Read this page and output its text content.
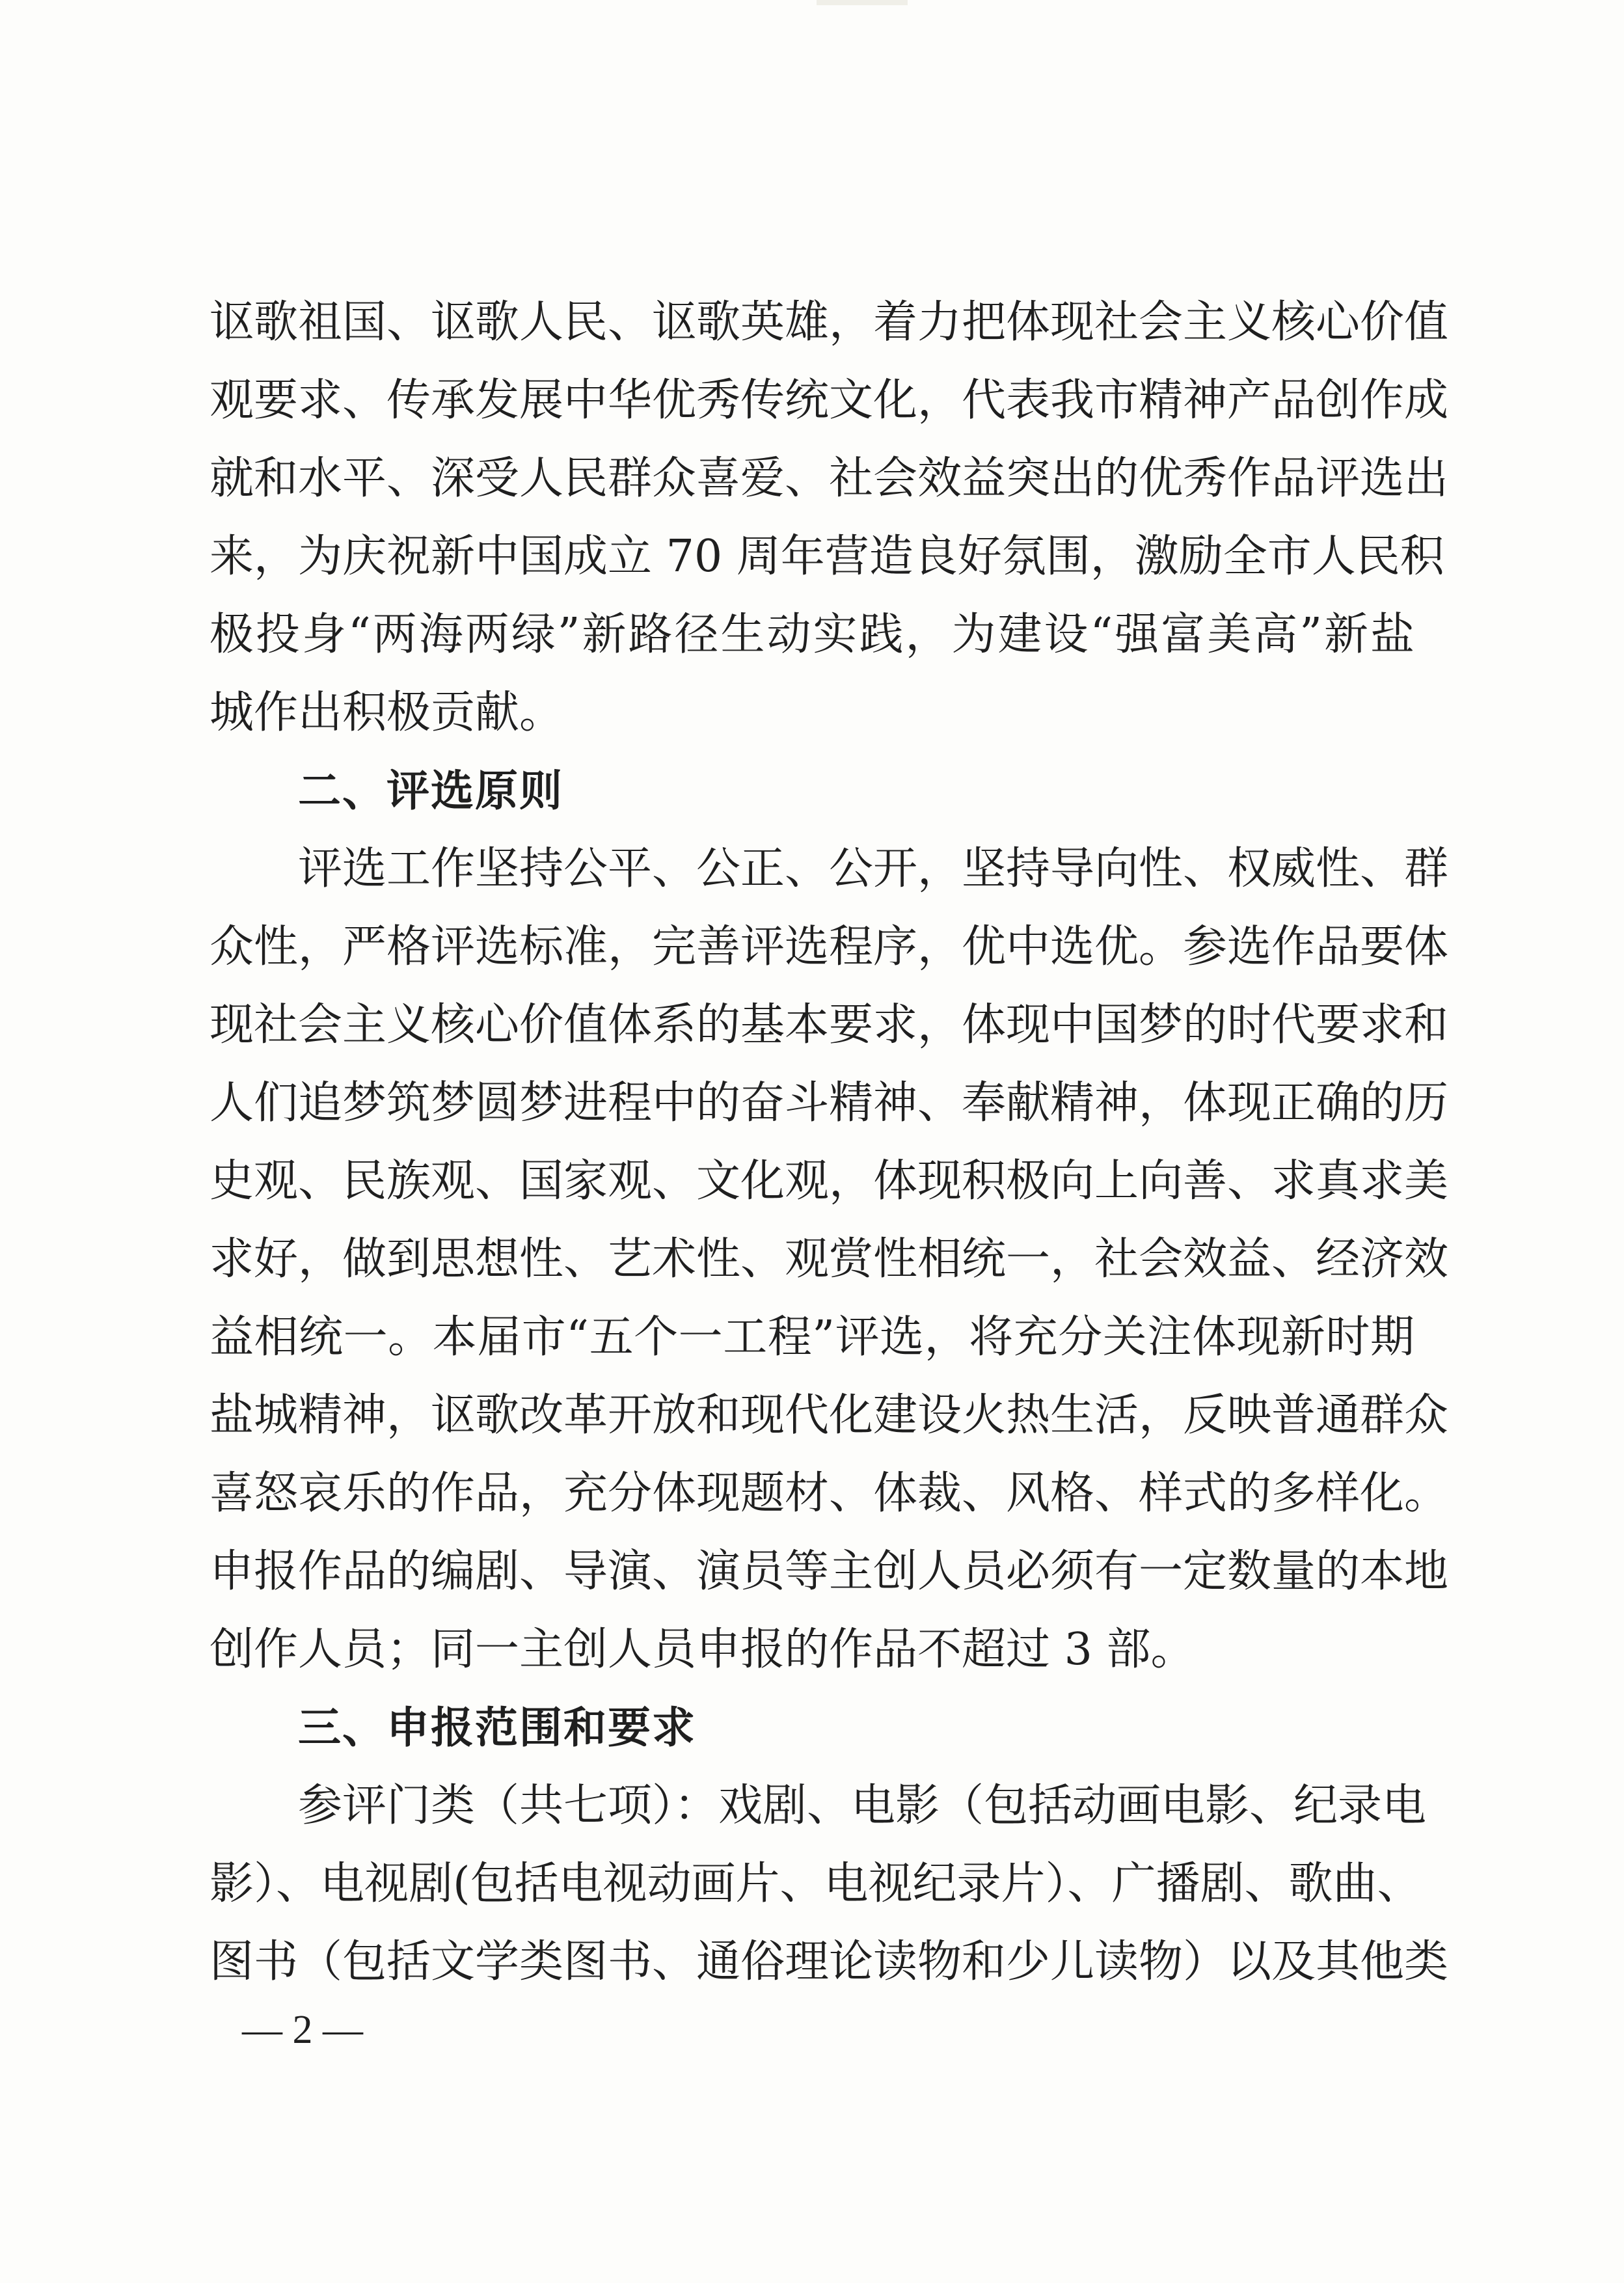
讴歌祖国、讴歌人民、讴歌英雄，着力把体现社会主义核心价值
观要求、传承发展中华优秀传统文化，代表我市精神产品创作成
就和水平、深受人民群众喜爱、社会效益突出的优秀作品评选出
来，为庆祝新中国成立 70 周年营造良好氛围，激励全市人民积
极投身“两海两绿”新路径生动实践，为建设“强富美高”新盐
城作出积极贡献。
二、评选原则
评选工作坚持公平、公正、公开，坚持导向性、权威性、群
众性，严格评选标准，完善评选程序，优中选优。参选作品要体
现社会主义核心价值体系的基本要求，体现中国梦的时代要求和
人们追梦筑梦圆梦进程中的奋斗精神、奉献精神，体现正确的历
史观、民族观、国家观、文化观，体现积极向上向善、求真求美
求好，做到思想性、艺术性、观赏性相统一，社会效益、经济效
益相统一。本届市“五个一工程”评选，将充分关注体现新时期
盐城精神，讴歌改革开放和现代化建设火热生活，反映普通群众
喜怒哀乐的作品，充分体现题材、体裁、风格、样式的多样化。
申报作品的编剧、导演、演员等主创人员必须有一定数量的本地
创作人员；同一主创人员申报的作品不超过 3 部。
三、申报范围和要求
参评门类（共七项）：戏剧、电影（包括动画电影、纪录电
影）、电视剧(包括电视动画片、电视纪录片）、广播剧、歌曲、
图书（包括文学类图书、通俗理论读物和少儿读物）以及其他类
— 2 —
